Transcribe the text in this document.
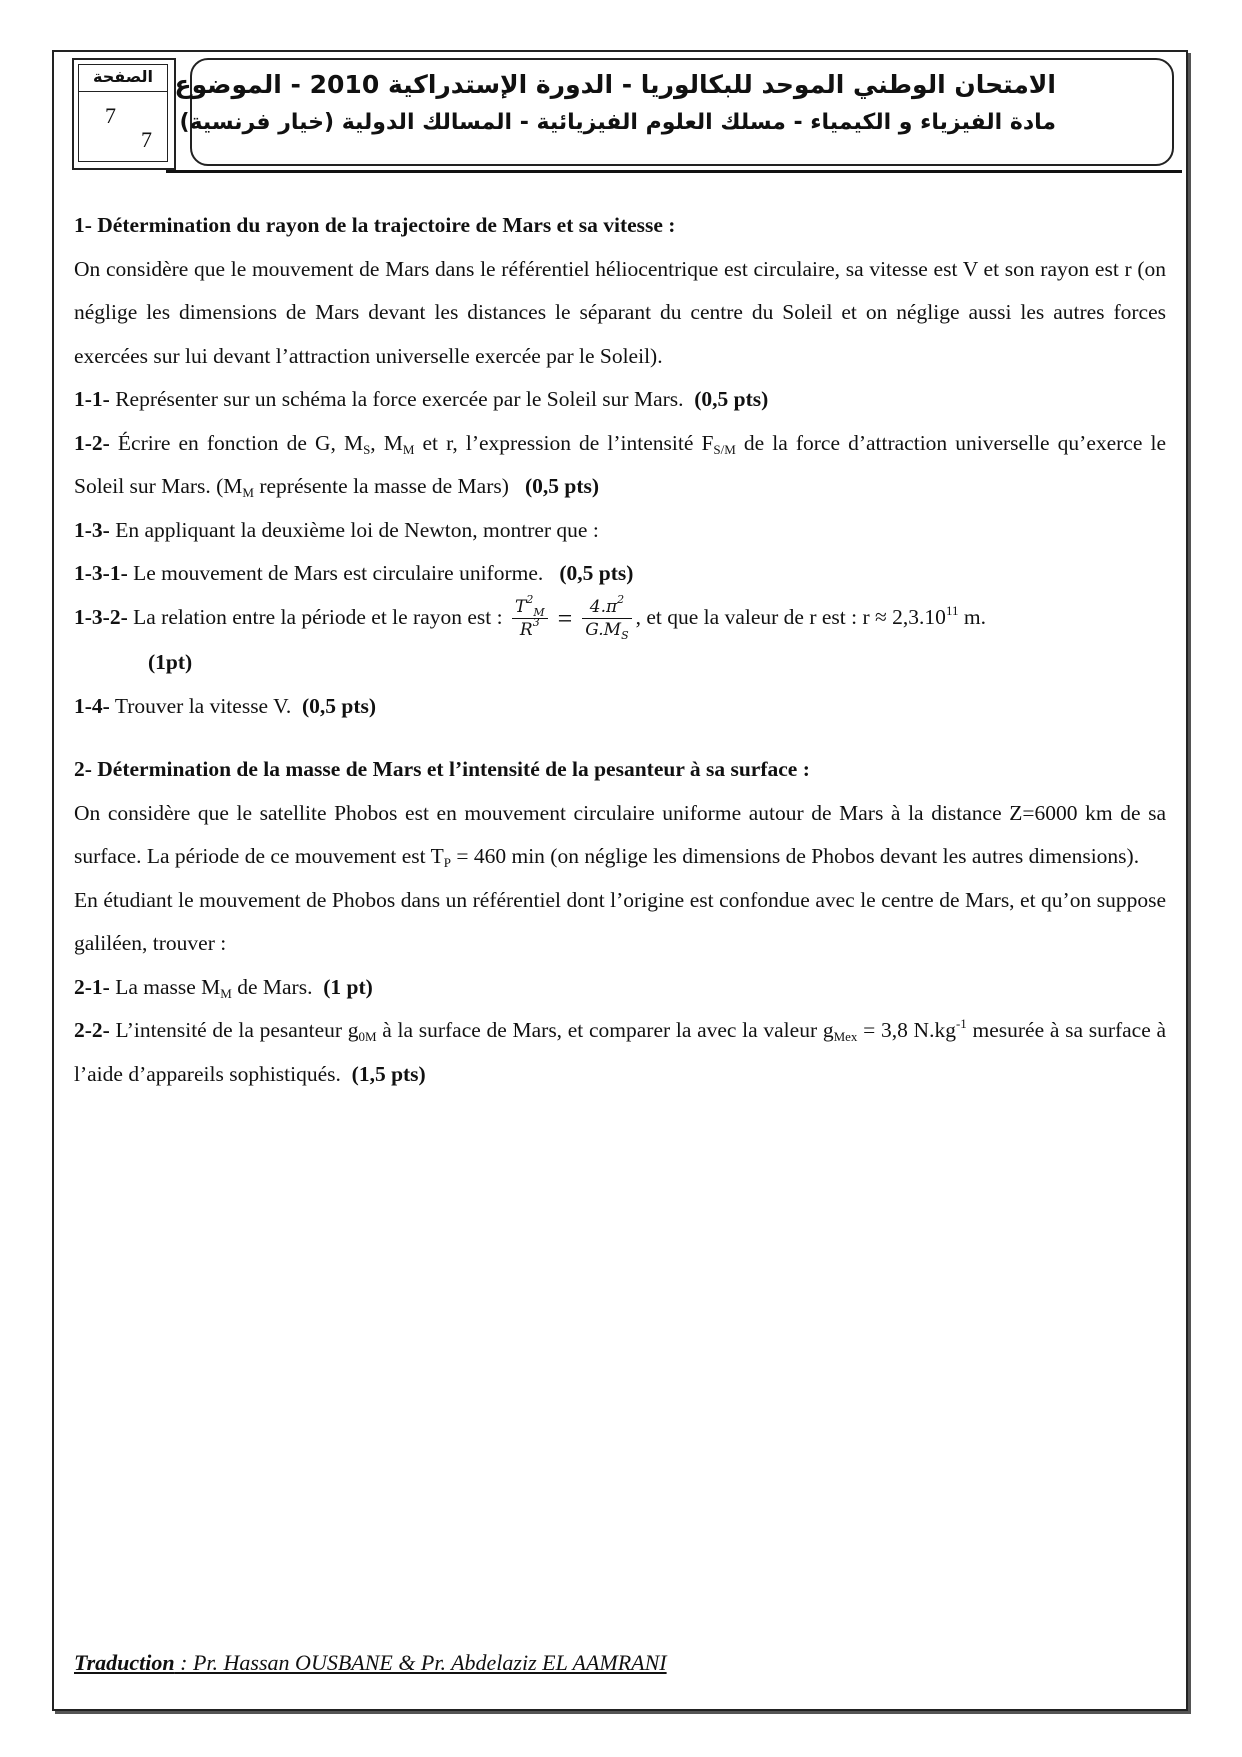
الصفحة
7
7
الامتحان الوطني الموحد للبكالوريا - الدورة الإستدراكية 2010 - الموضوع
مادة الفيزياء و الكيمياء - مسلك العلوم الفيزيائية - المسالك الدولية (خيار فرنسية)

1- Détermination du rayon de la trajectoire de Mars et sa vitesse :

On considère que le mouvement de Mars dans le référentiel héliocentrique est circulaire, sa vitesse est V et son rayon est r (on néglige les dimensions de Mars devant les distances le séparant du centre du Soleil et on néglige aussi les autres forces exercées sur lui devant l’attraction universelle exercée par le Soleil).

1-1- Représenter sur un schéma la force exercée par le Soleil sur Mars. (0,5 pts)

1-2- Écrire en fonction de G, $M_S$, $M_M$ et r, l’expression de l’intensité $F_{S/M}$ de la force d’attraction universelle qu’exerce le Soleil sur Mars. ($M_M$ représente la masse de Mars) (0,5 pts)

1-3- En appliquant la deuxième loi de Newton, montrer que :

1-3-1- Le mouvement de Mars est circulaire uniforme. (0,5 pts)

1-3-2- La relation entre la période et le rayon est : $\frac{T^2_M}{R^3} = \frac{4.\pi^2}{G.M_S}$ , et que la valeur de r est : $r \approx 2,3.10^{11}$ m.

(1pt)

1-4- Trouver la vitesse V. (0,5 pts)

2- Détermination de la masse de Mars et l’intensité de la pesanteur à sa surface :

On considère que le satellite Phobos est en mouvement circulaire uniforme autour de Mars à la distance Z=6000 km de sa surface. La période de ce mouvement est $T_P = 460$ min (on néglige les dimensions de Phobos devant les autres dimensions).

En étudiant le mouvement de Phobos dans un référentiel dont l’origine est confondue avec le centre de Mars, et qu’on suppose galiléen, trouver :

2-1- La masse $M_M$ de Mars. (1 pt)

2-2- L’intensité de la pesanteur $g_{0M}$ à la surface de Mars, et comparer la avec la valeur $g_{Mex} = 3,8$ $N.kg^{-1}$ mesurée à sa surface à l’aide d’appareils sophistiqués. (1,5 pts)

Traduction : Pr. Hassan OUSBANE & Pr. Abdelaziz EL AAMRANI
